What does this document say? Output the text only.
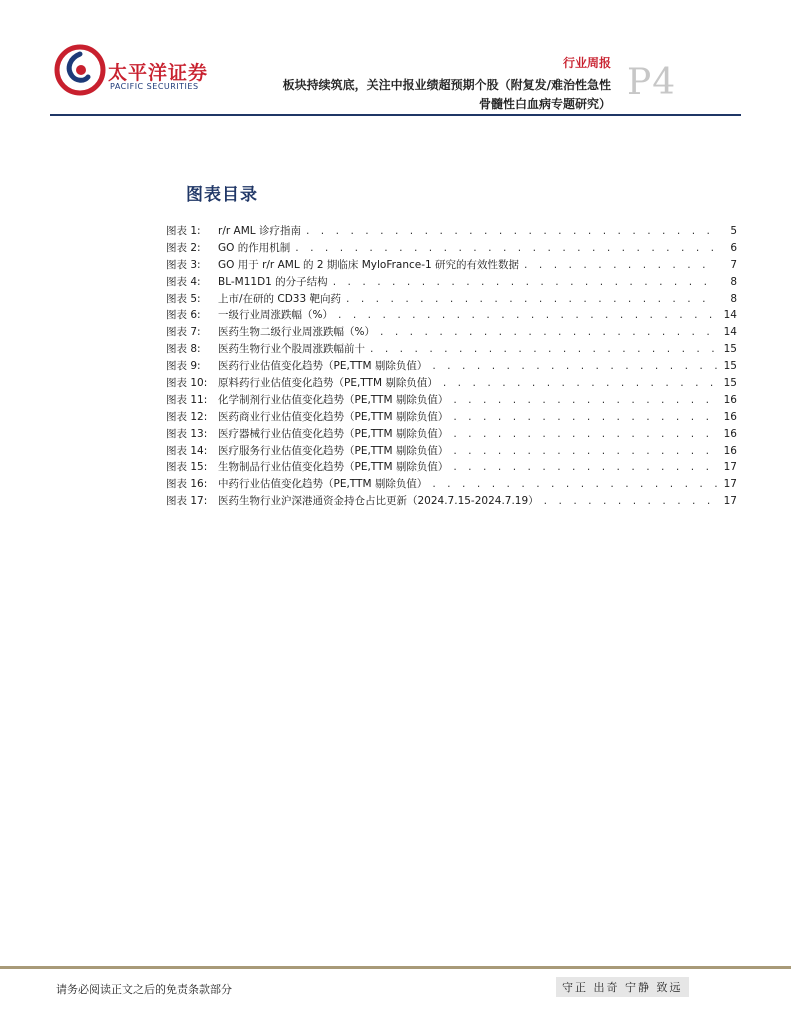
太平洋证券
PACIFIC SECURITIES
行业周报
板块持续筑底，关注中报业绩超预期个股（附复发/难治性急性
骨髓性白血病专题研究）
P4
图表目录
图表 1:	r/r AML 诊疗指南 . . .	5
图表 2:	GO 的作用机制 . . .	6
图表 3:	GO 用于 r/r AML 的 2 期临床 MyloFrance-1 研究的有效性数据 . . .	7
图表 4:	BL-M11D1 的分子结构 . . .	8
图表 5:	上市/在研的 CD33 靶向药 . . .	8
图表 6:	一级行业周涨跌幅（%） . . .	14
图表 7:	医药生物二级行业周涨跌幅（%） . . .	14
图表 8:	医药生物行业个股周涨跌幅前十 . . .	15
图表 9:	医药行业估值变化趋势（PE,TTM 剔除负值） . . .	15
图表 10:	原料药行业估值变化趋势（PE,TTM 剔除负值） . . .	15
图表 11:	化学制剂行业估值变化趋势（PE,TTM 剔除负值） . . .	16
图表 12:	医药商业行业估值变化趋势（PE,TTM 剔除负值） . . .	16
图表 13:	医疗器械行业估值变化趋势（PE,TTM 剔除负值） . . .	16
图表 14:	医疗服务行业估值变化趋势（PE,TTM 剔除负值） . . .	16
图表 15:	生物制品行业估值变化趋势（PE,TTM 剔除负值） . . .	17
图表 16:	中药行业估值变化趋势（PE,TTM 剔除负值） . . .	17
图表 17:	医药生物行业沪深港通资金持仓占比更新（2024.7.15-2024.7.19） . . .	17
请务必阅读正文之后的免责条款部分	守正 出奇 宁静 致远
